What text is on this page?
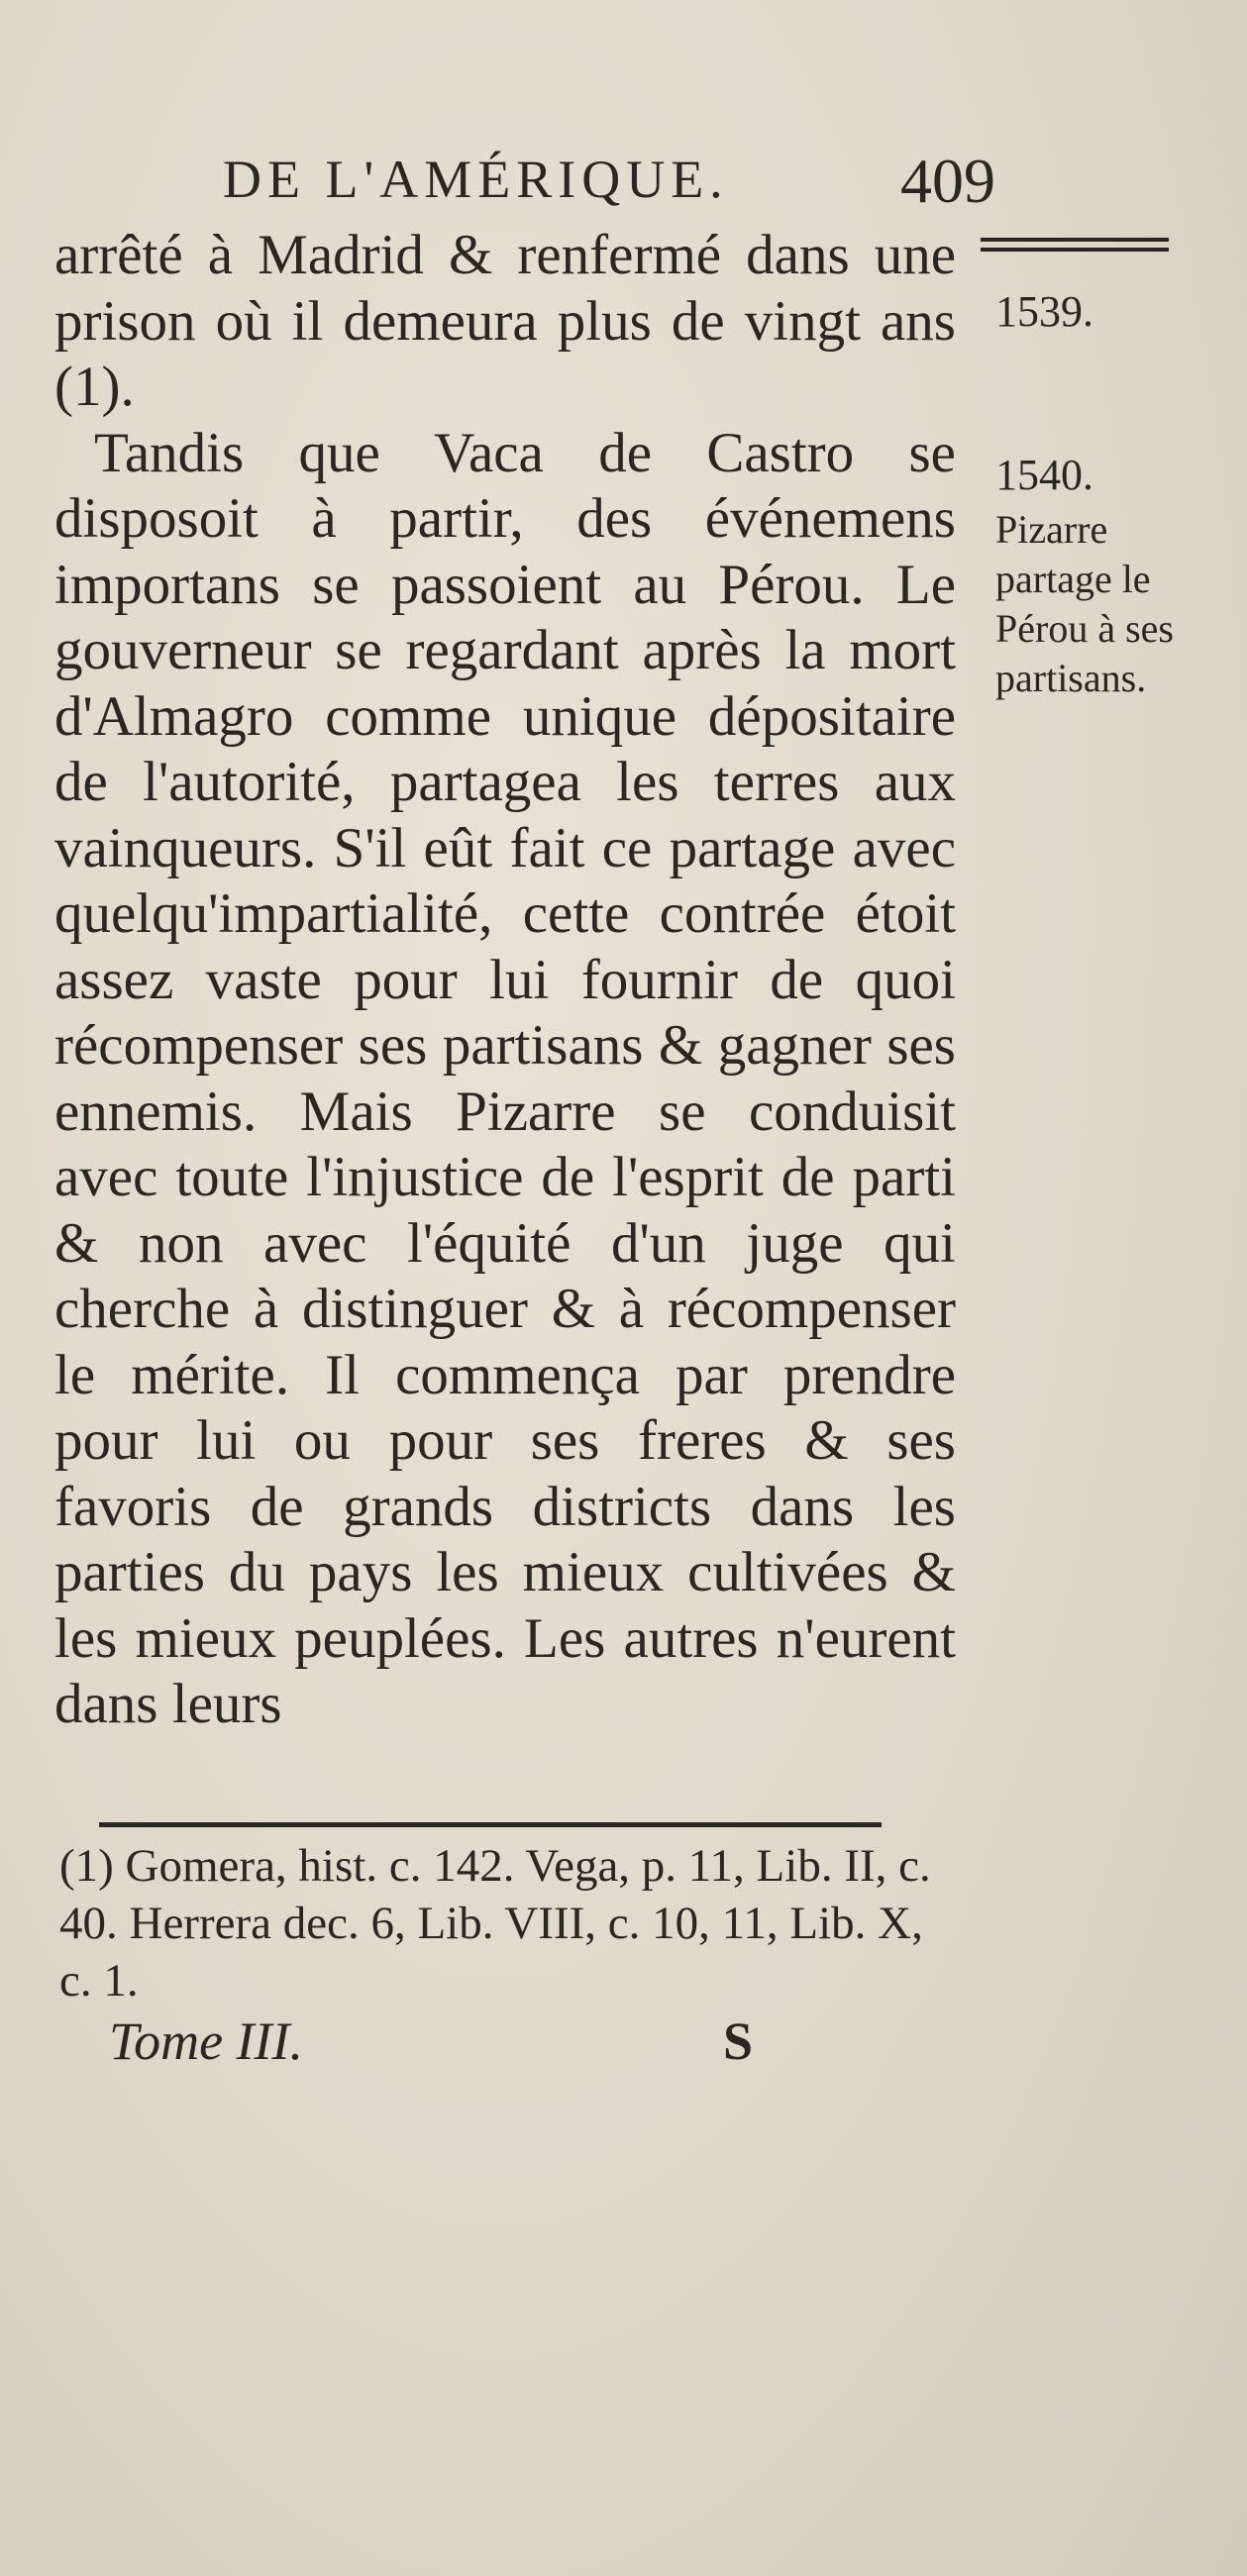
DE L'AMÉRIQUE.	409
1539.
1540.
Pizarre partage le Pérou à ses partisans.

arrêté à Madrid & renfermé dans une prison où il demeura plus de vingt ans (1).

Tandis que Vaca de Castro se disposoit à partir, des événemens importans se passoient au Pérou. Le gouverneur se regardant après la mort d'Almagro comme unique dépositaire de l'autorité, partagea les terres aux vainqueurs. S'il eût fait ce partage avec quelqu'impartialité, cette contrée étoit assez vaste pour lui fournir de quoi récompenser ses partisans & gagner ses ennemis. Mais Pizarre se conduisit avec toute l'injustice de l'esprit de parti & non avec l'équité d'un juge qui cherche à distinguer & à récompenser le mérite. Il commença par prendre pour lui ou pour ses freres & ses favoris de grands districts dans les parties du pays les mieux cultivées & les mieux peuplées. Les autres n'eurent dans leurs

(1) Gomera, hist. c. 142. Vega, p. 11, Lib. II, c. 40. Herrera dec. 6, Lib. VIII, c. 10, 11, Lib. X, c. 1.
Tome III.	S
